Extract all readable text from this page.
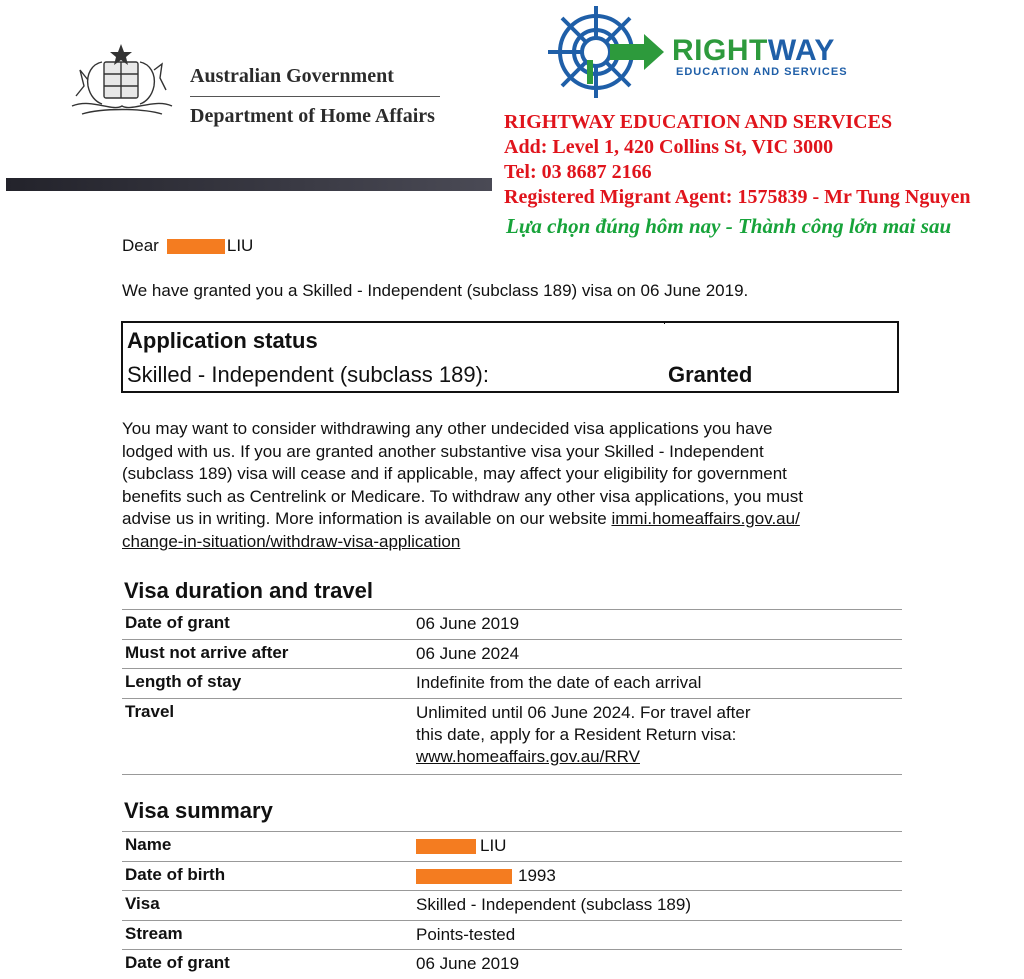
Australian Government
Department of Home Affairs
RIGHTWAY
EDUCATION AND SERVICES
RIGHTWAY EDUCATION AND SERVICES
Add: Level 1, 420 Collins St, VIC 3000
Tel: 03 8687 2166
Registered Migrant Agent: 1575839 - Mr Tung Nguyen
Lựa chọn đúng hôm nay - Thành công lớn mai sau
Dear	LIU
We have granted you a Skilled - Independent (subclass 189) visa on 06 June 2019.
Application status
Skilled - Independent (subclass 189):	Granted
You may want to consider withdrawing any other undecided visa applications you have
lodged with us. If you are granted another substantive visa your Skilled - Independent
(subclass 189) visa will cease and if applicable, may affect your eligibility for government
benefits such as Centrelink or Medicare. To withdraw any other visa applications, you must
advise us in writing. More information is available on our website immi.homeaffairs.gov.au/
change-in-situation/withdraw-visa-application
Visa duration and travel
Date of grant	06 June 2019
Must not arrive after	06 June 2024
Length of stay	Indefinite from the date of each arrival
Travel	Unlimited until 06 June 2024. For travel after
this date, apply for a Resident Return visa:
www.homeaffairs.gov.au/RRV
Visa summary
Name	LIU
Date of birth	1993
Visa	Skilled - Independent (subclass 189)
Stream	Points-tested
Date of grant	06 June 2019
